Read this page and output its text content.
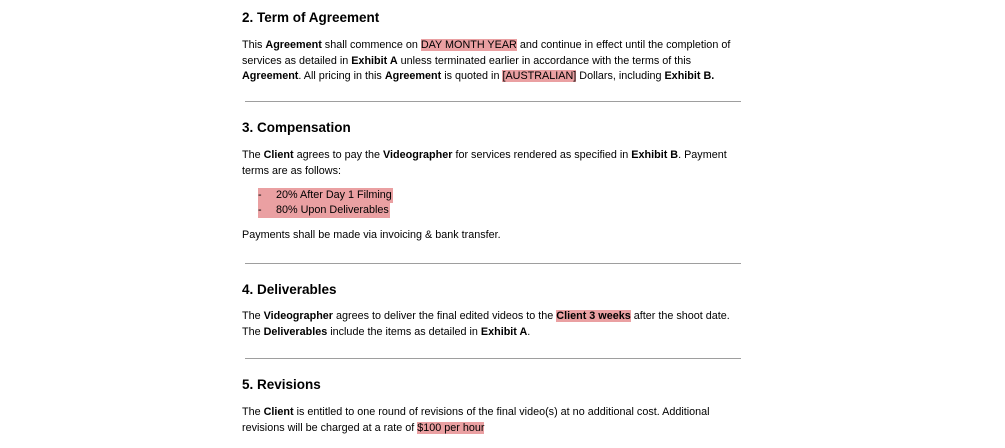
2. Term of Agreement
This Agreement shall commence on DAY MONTH YEAR and continue in effect until the completion of
services as detailed in Exhibit A unless terminated earlier in accordance with the terms of this
Agreement. All pricing in this Agreement is quoted in [AUSTRALIAN] Dollars, including Exhibit B.
3. Compensation
The Client agrees to pay the Videographer for services rendered as specified in Exhibit B. Payment
terms are as follows:
- 20% After Day 1 Filming
- 80% Upon Deliverables
Payments shall be made via invoicing & bank transfer.
4. Deliverables
The Videographer agrees to deliver the final edited videos to the Client 3 weeks after the shoot date.
The Deliverables include the items as detailed in Exhibit A.
5. Revisions
The Client is entitled to one round of revisions of the final video(s) at no additional cost. Additional
revisions will be charged at a rate of $100 per hour
